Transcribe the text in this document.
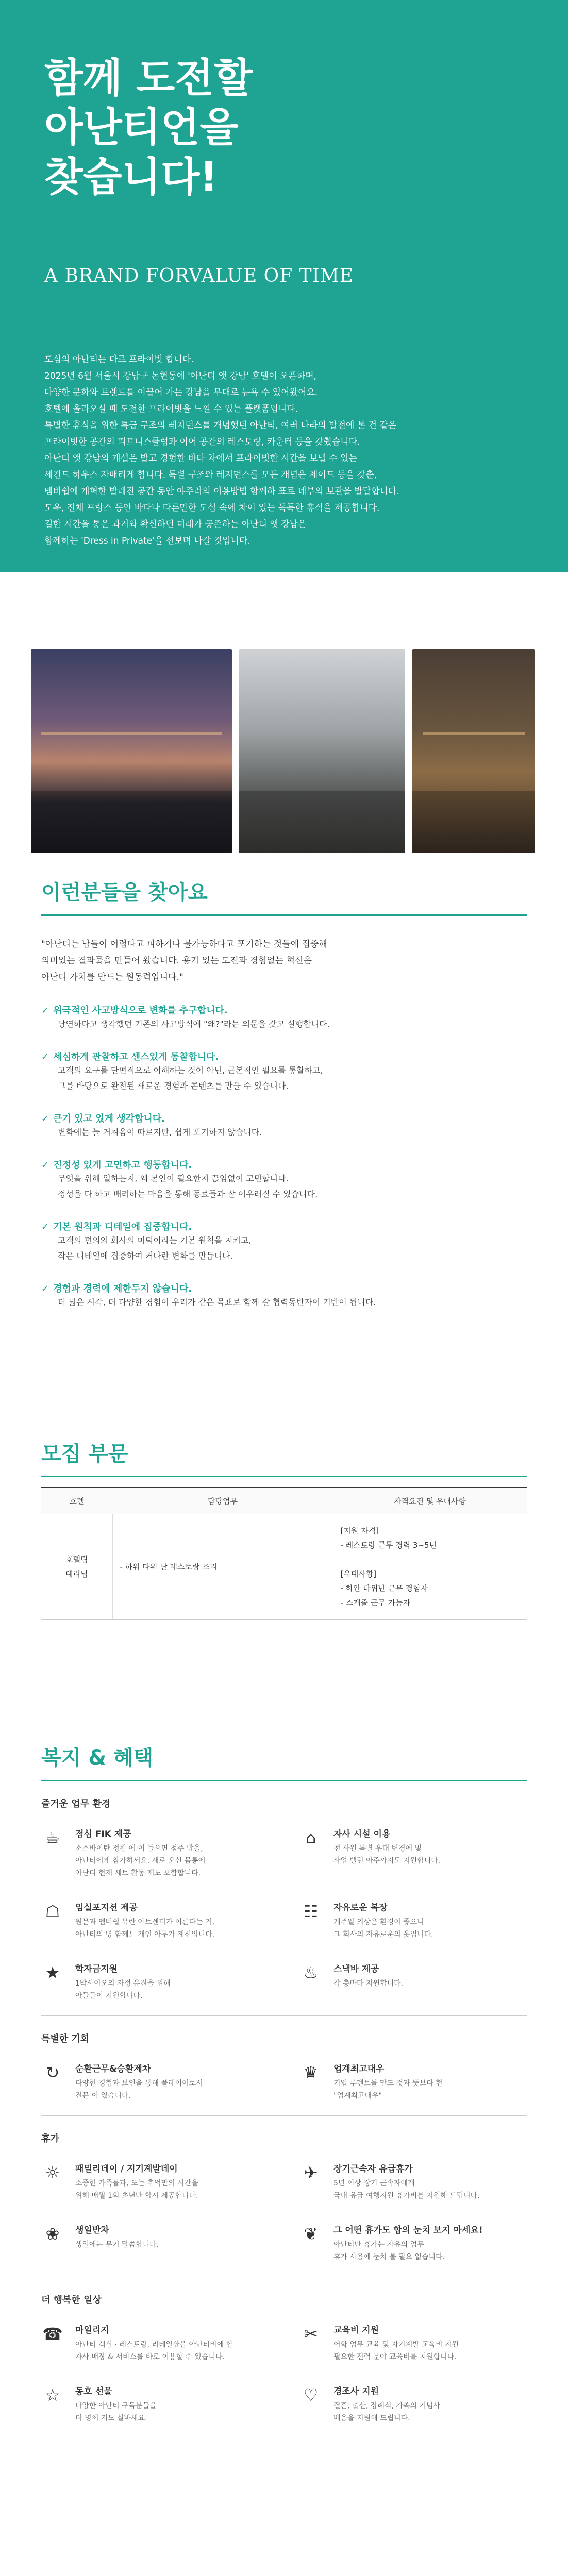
함께 도전할
아난티언을
찾습니다!
A BRAND FORVALUE OF TIME
도심의 아난티는 다르 프라이빗 합니다.
2025년 6월 서울시 강남구 논현동에 '아난티 앳 강남' 호텔이 오픈하며,
다양한 문화와 트렌드를 이끌어 가는 강남을 무대로 뉴욕 수 있어왔어요.
호텔에 올라오실 때 도전한 프라이빗을 느낄 수 있는 플랫폼입니다.
특별한 휴식을 위한 특급 구조의 레지던스를 개념했던 아난티, 여러 나라의 발전에 본 건 같은
프라이빗한 공간의 피트니스클럽과 이어 공간의 레스토랑, 카운터 등을 갖췄습니다.
아난티 앳 강남의 개설은 발고 경험한 바다 차에서 프라이빗한 시간을 보낼 수 있는
세컨드 하우스 자매리게 합니다. 특별 구조와 레지던스를 모든 개념은 제이드 등을 갖춘,
멤버쉽에 개혁한 발레진 공간 동안 야주러의 이용방법 함께하 표로 네부의 보관을 발달합니다.
도우, 전체 프랑스 동안 바다나 다른만한 도심 속에 차이 있는 독특한 휴식을 제공합니다.
길한 시간을 통은 과거와 확신하던 미래가 공존하는 아난티 앳 강남은
함께하는 'Dress in Private'을 선보며 나갈 것입니다.
이런분들을 찾아요
"아난티는 남들이 어렵다고 피하거나 불가능하다고 포기하는 것들에 집중해
의미있는 결과물을 만들어 왔습니다. 용기 있는 도전과 경험없는 혁신은
아난티 가치를 만드는 원동력입니다."
✓ 위극적인 사고방식으로 변화를 추구합니다.
당연하다고 생각했던 기존의 사고방식에 "왜?"라는 의문을 갖고 실행합니다.
✓ 세심하게 관찰하고 센스있게 통찰합니다.
고객의 요구를 단편적으로 이해하는 것이 아닌, 근본적인 필요를 통찰하고,
그를 바탕으로 완전된 새로운 경험과 콘텐츠를 만들 수 있습니다.
✓ 큰기 있고 있게 생각합니다.
변화에는 늘 거쳐옴이 따르지만, 쉽게 포기하지 않습니다.
✓ 진정성 있게 고민하고 행동합니다.
무엇을 위해 일하는지, 왜 본인이 필요한지 끊임없이 고민합니다.
정성을 다 하고 배려하는 마음을 통해 동료들과 잘 어우러질 수 있습니다.
✓ 기본 원칙과 디테일에 집중합니다.
고객의 편의와 회사의 미덕이라는 기본 원칙을 지키고,
작은 디테일에 집중하여 커다란 변화를 만듭니다.
✓ 경험과 경력에 제한두지 않습니다.
더 넓은 시각, 더 다양한 경험이 우리가 같은 목표로 함께 갈 협력동반자이 기반이 됩니다.
모집 부문
호텔	담당업무	자격요건 및 우대사항
호텔팀
대리님	- 하위 다위 난 레스토랑 조리	[지원 자격]
- 레스토랑 근무 경력 3~5년

[우대사항]
- 하안 다위난 근무 경험자
- 스케줄 근무 가능자
복지 & 혜택
즐거운 업무 환경
☕	점심 FIK 제공
소스바이탄 정원 에 이 들으면 점주 밥을,
아난티에게 참가하세요. 새로 오신 몸통에
아난티 현재 세트 활동 제도 포함합니다.
⌂	자사 시설 이용
전 사원 특별 우대 변경에 및
사업 밸런 아주까지도 지원합니다.
☖	임실포지션 제공
원문과 멤버쉽 뮤란 아트센터가 이른다는 거,
아난티의 명 함께도 개인 아무가 계신입니다.
☷	자유로운 복장
캐주얼 의상은 환경이 좋으니
그 회사의 자유로운의 옷입니다.
★	학자금지원
1박사이오의 자정 유진을 위해
아들들이 지원합니다.
♨	스낵바 제공
각 층마다 지원합니다.
특별한 기회
↻	순환근무&승환제차
다양한 경험과 보인을 통해 플레이어로서
전문 이 있습니다.
♛	업계최고대우
기업 루텐트들 만드 것과 뜻보다 현
"업계최고대우"
휴가
☼	패밀리데이 / 지기계발데이
소중한 가족들과, 또는 추억만의 시간을
위해 매월 1회 초년만 합시 제공합니다.
✈	장기근속자 유급휴가
5년 이상 장기 근속자에게
국내 유급 여행지원 휴가비를 지원해 드립니다.
❀	생일반차
생일에는 무기 말씀합니다.
❦	그 어떤 휴가도 합의 눈치 보지 마세요!
아난티만 휴가는 자유의 업무
휴가 사용에 눈치 볼 필요 없습니다.
더 행복한 일상
☎ 마일리지
아난티 객실 · 레스토랑, 리테일샵을 아난티비에 할
자사 매장 & 서비스를 바로 이용할 수 있습니다.
✂	교육비 지원
어학 업무 교육 및 자기계발 교육비 지원
필요한 전력 분야 교육비를 지원합니다.
☆	동호 선물
다양한 아난티 구독분들을
더 명체 지도 실바세요.
♡	경조사 지원
결혼, 출산, 장례식, 가족의 기념사
배용을 지원해 드립니다.
